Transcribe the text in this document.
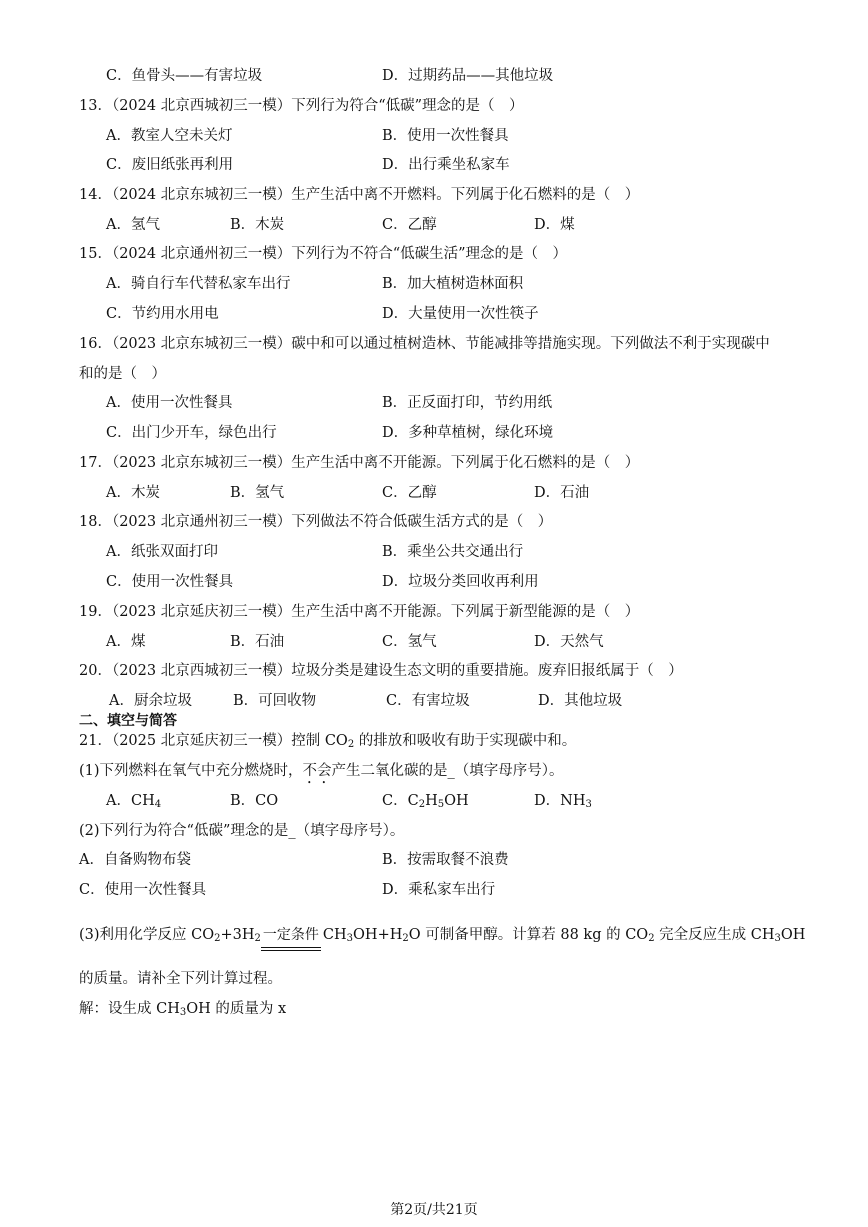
C．鱼骨头——有害垃圾	D．过期药品——其他垃圾
13．（2024 北京西城初三一模）下列行为符合“低碳”理念的是（　）
A．教室人空未关灯	B．使用一次性餐具
C．废旧纸张再利用	D．出行乘坐私家车
14．（2024 北京东城初三一模）生产生活中离不开燃料。下列属于化石燃料的是（　）
A．氢气	B．木炭	C．乙醇	D．煤
15．（2024 北京通州初三一模）下列行为不符合“低碳生活”理念的是（　）
A．骑自行车代替私家车出行	B．加大植树造林面积
C．节约用水用电	D．大量使用一次性筷子
16．（2023 北京东城初三一模）碳中和可以通过植树造林、节能减排等措施实现。下列做法不利于实现碳中
和的是（　）
A．使用一次性餐具	B．正反面打印，节约用纸
C．出门少开车，绿色出行	D．多种草植树，绿化环境
17．（2023 北京东城初三一模）生产生活中离不开能源。下列属于化石燃料的是（　）
A．木炭	B．氢气	C．乙醇	D．石油
18．（2023 北京通州初三一模）下列做法不符合低碳生活方式的是（　）
A．纸张双面打印	B．乘坐公共交通出行
C．使用一次性餐具	D．垃圾分类回收再利用
19．（2023 北京延庆初三一模）生产生活中离不开能源。下列属于新型能源的是（　）
A．煤	B．石油	C．氢气	D．天然气
20．（2023 北京西城初三一模）垃圾分类是建设生态文明的重要措施。废弃旧报纸属于（　）
A．厨余垃圾	B．可回收物	C．有害垃圾	D．其他垃圾
二、填空与简答
21．（2025 北京延庆初三一模）控制 $CO_2$ 的排放和吸收有助于实现碳中和。
(1)下列燃料在氧气中充分燃烧时，不会产生二氧化碳的是_（填字母序号）。
A．$CH_4$	B．CO	C．$C_2H_5OH$	D．$NH_3$
(2)下列行为符合“低碳”理念的是_（填字母序号）。
A．自备购物布袋	B．按需取餐不浪费
C．使用一次性餐具	D．乘私家车出行
(3)利用化学反应 $CO_2+3H_2$ 一定条件 $CH_3OH+H_2O$ 可制备甲醇。计算若 88 kg 的 $CO_2$ 完全反应生成 $CH_3OH$
的质量。请补全下列计算过程。
解：设生成 $CH_3OH$ 的质量为 x
第2页/共21页
